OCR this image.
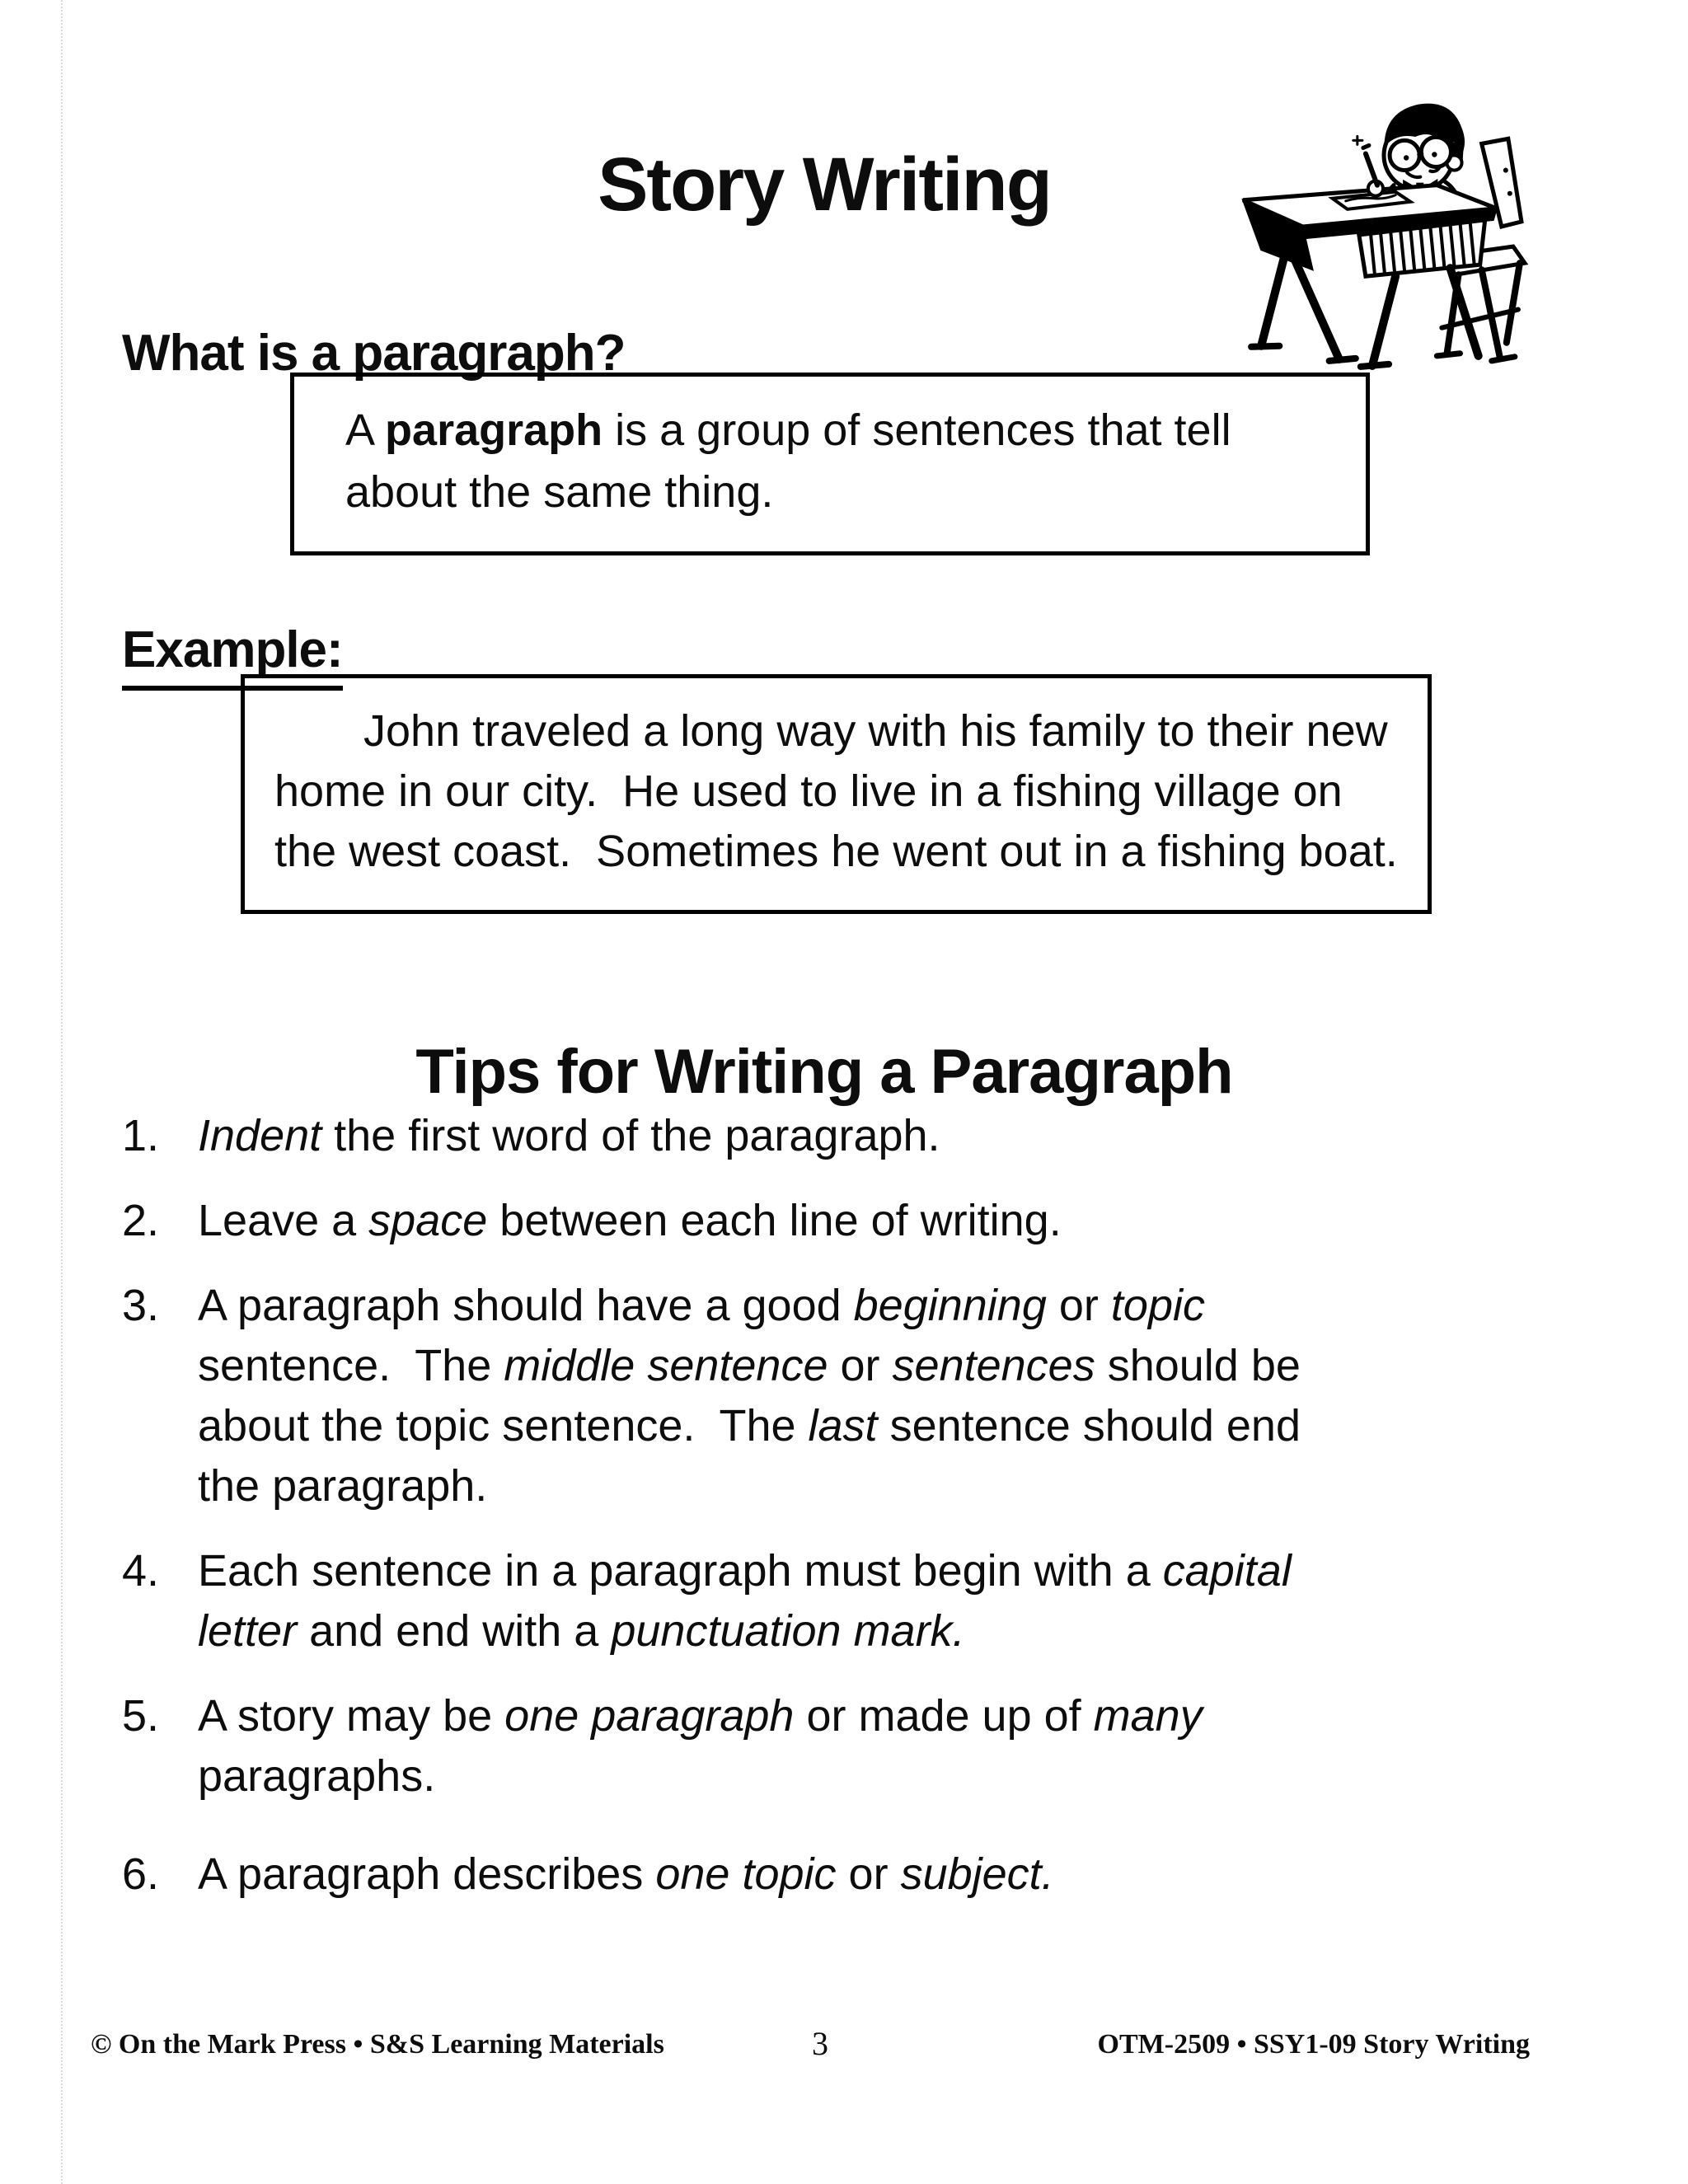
Story Writing
What is a paragraph?
A paragraph is a group of sentences that tell about the same thing.
Example:
John traveled a long way with his family to their new home in our city.  He used to live in a fishing village on the west coast.  Sometimes he went out in a fishing boat.
Tips for Writing a Paragraph
1. Indent the first word of the paragraph.
2. Leave a space between each line of writing.
3. A paragraph should have a good beginning or topic sentence.  The middle sentence or sentences should be about the topic sentence.  The last sentence should end the paragraph.
4. Each sentence in a paragraph must begin with a capital letter and end with a punctuation mark.
5. A story may be one paragraph or made up of many paragraphs.
6. A paragraph describes one topic or subject.
© On the Mark Press • S&S Learning Materials	3	OTM-2509 • SSY1-09 Story Writing
